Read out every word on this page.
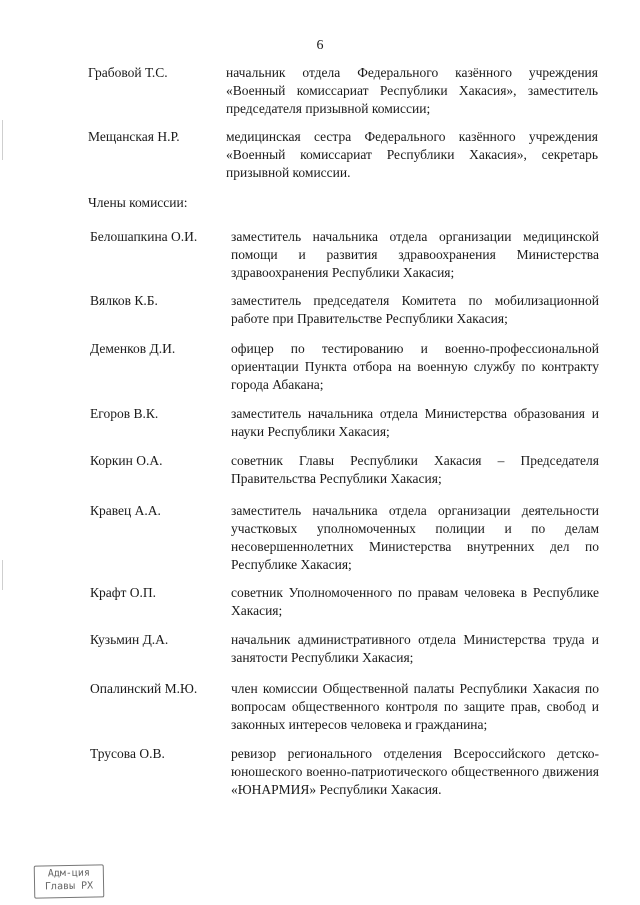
6
Грабовой Т.С.	начальник отдела Федерального казённого учреждения «Военный комиссариат Республики Хакасия», заместитель председателя призывной комиссии;
Мещанская Н.Р.	медицинская сестра Федерального казённого учреждения «Военный комиссариат Республики Хакасия», секретарь призывной комиссии.
Члены комиссии:
Белошапкина О.И. заместитель начальника отдела организации медицинской помощи и развития здравоохранения Министерства здравоохранения Республики Хакасия;
Вялков К.Б.	заместитель председателя Комитета по мобилизационной работе при Правительстве Республики Хакасия;
Деменков Д.И.	офицер по тестированию и военно-профессиональной ориентации Пункта отбора на военную службу по контракту города Абакана;
Егоров В.К.	заместитель начальника отдела Министерства образования и науки Республики Хакасия;
Коркин О.А.	советник Главы Республики Хакасия – Председателя Правительства Республики Хакасия;
Кравец А.А.	заместитель начальника отдела организации деятельности участковых уполномоченных полиции и по делам несовершеннолетних Министерства внутренних дел по Республике Хакасия;
Крафт О.П.	советник Уполномоченного по правам человека в Республике Хакасия;
Кузьмин Д.А.	начальник административного отдела Министерства труда и занятости Республики Хакасия;
Опалинский М.Ю. член комиссии Общественной палаты Республики Хакасия по вопросам общественного контроля по защите прав, свобод и законных интересов человека и гражданина;
Трусова О.В.	ревизор регионального отделения Всероссийского детско-юношеского военно-патриотического общественного движения «ЮНАРМИЯ» Республики Хакасия.
Адм-ция
Главы РХ
